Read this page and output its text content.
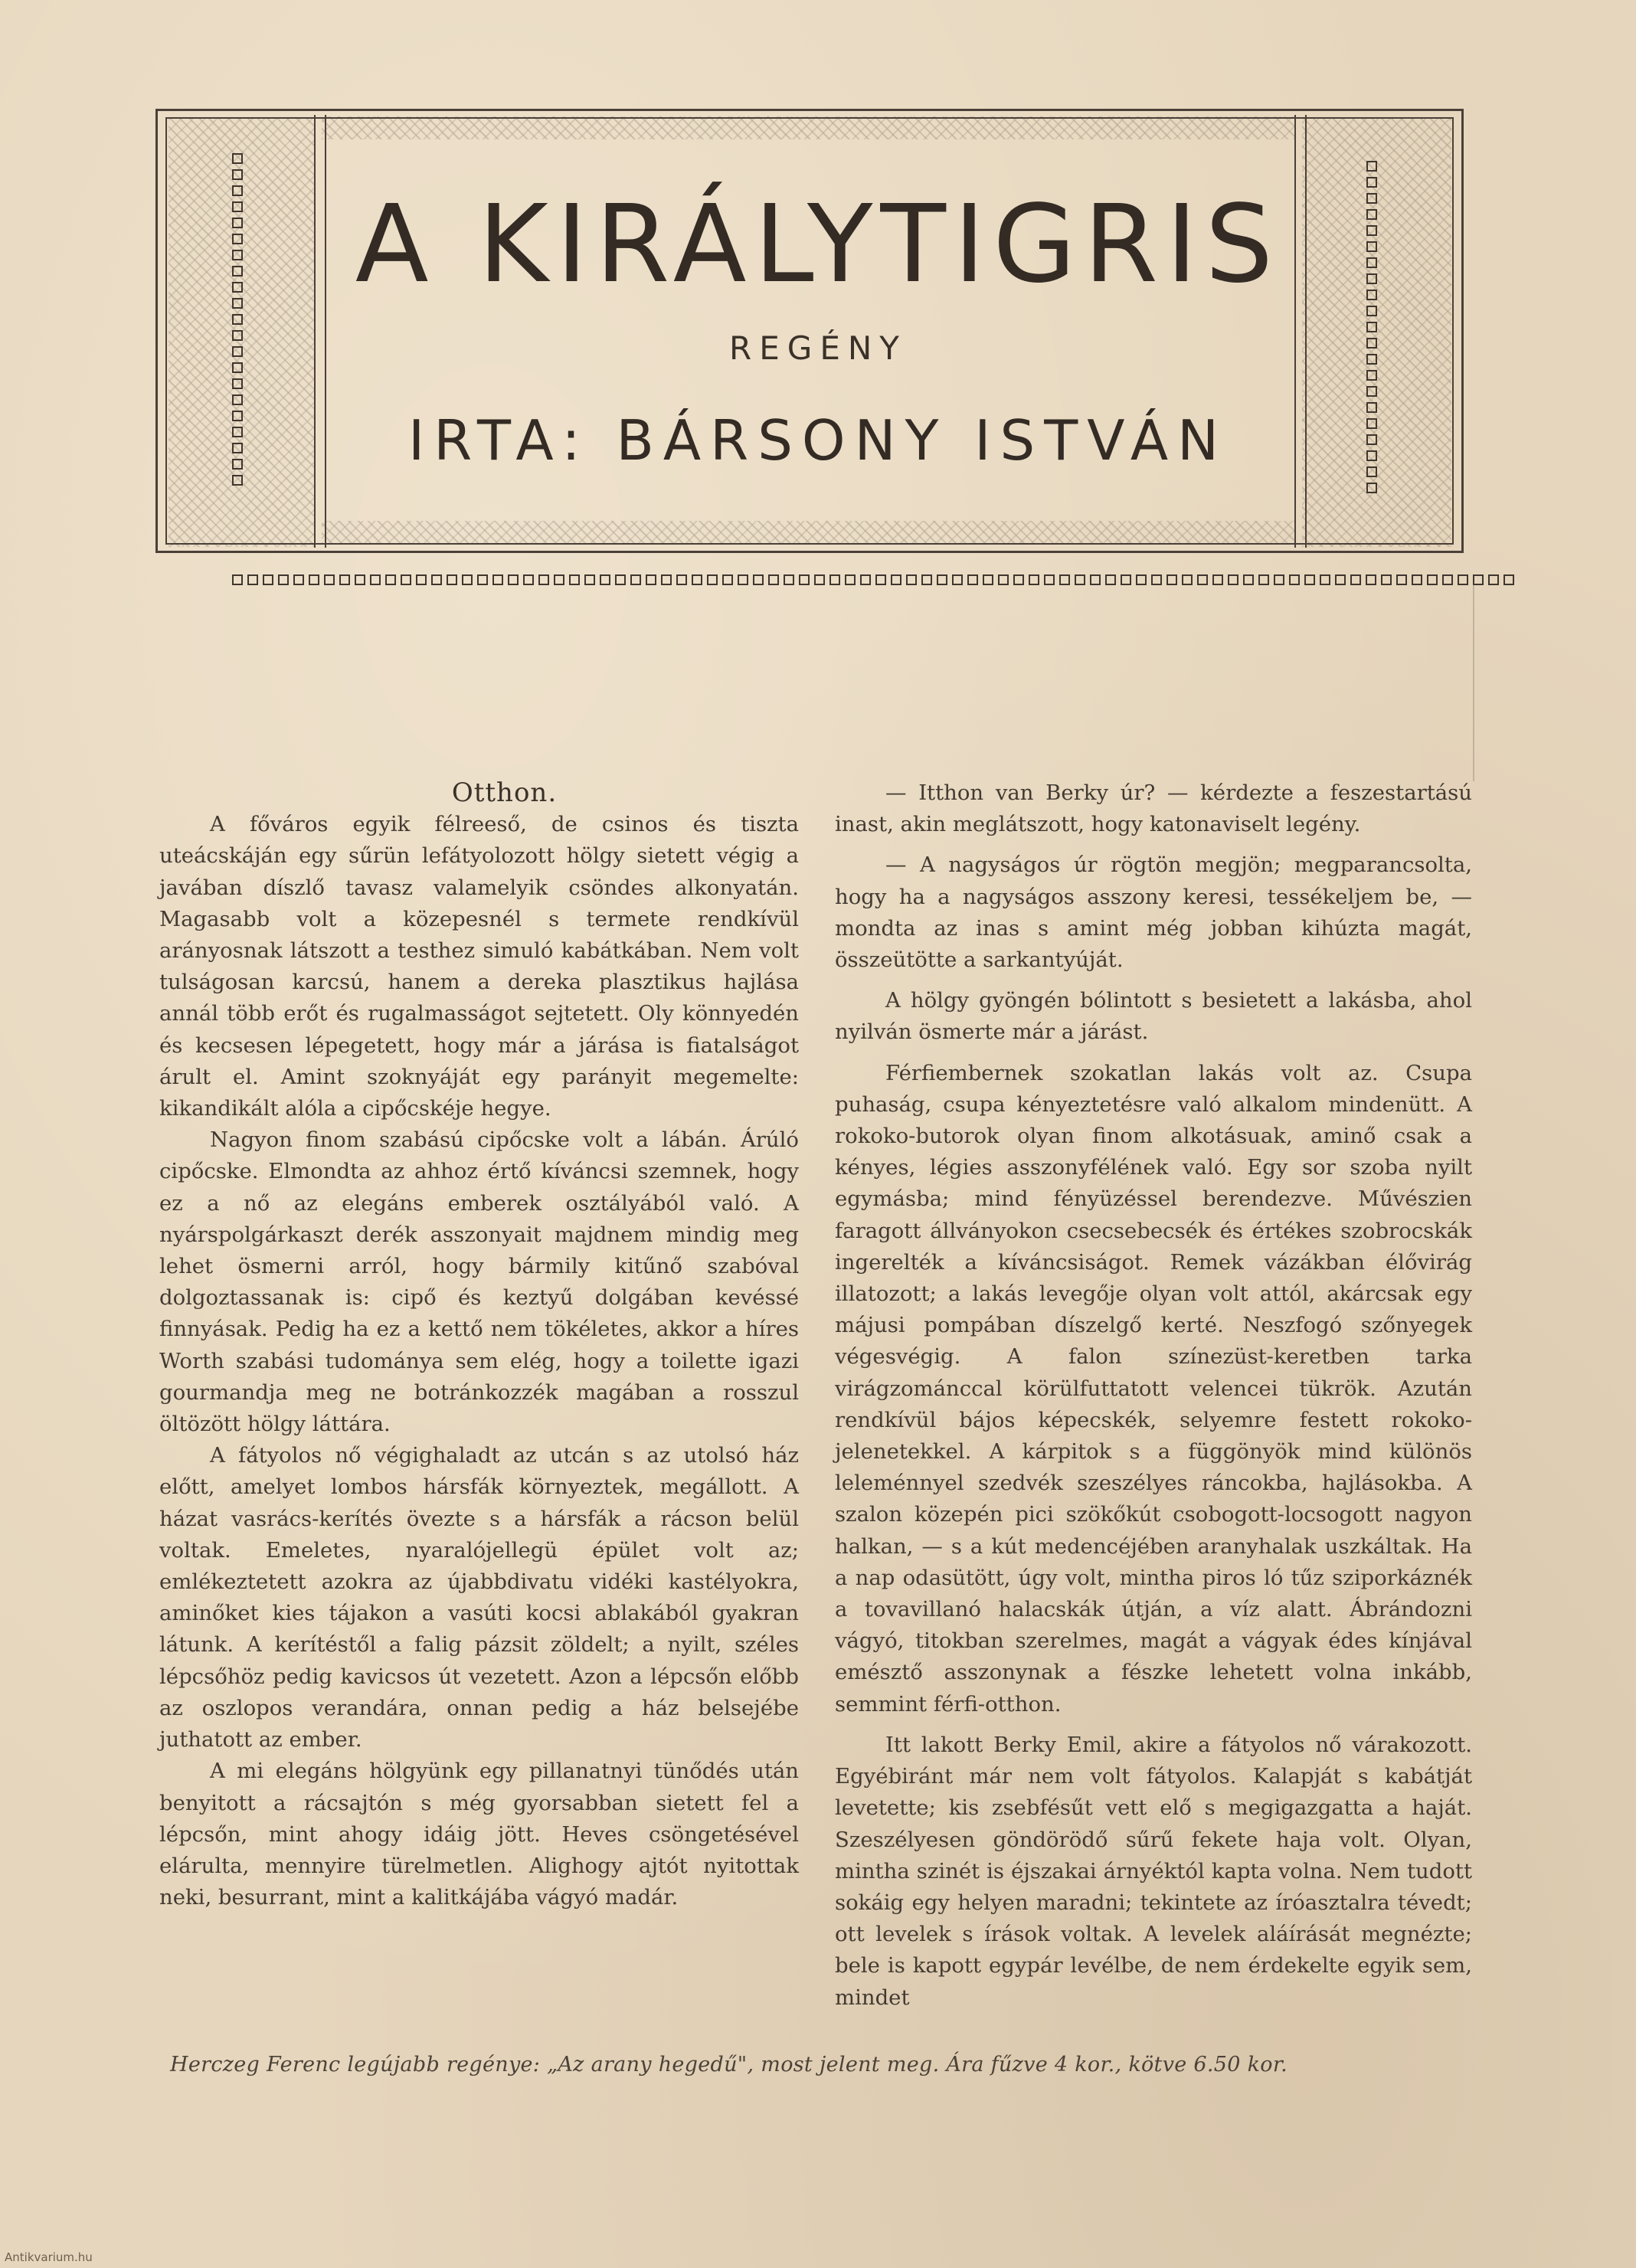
A KIRÁLYTIGRIS
REGÉNY
IRTA: BÁRSONY ISTVÁN

Otthon.

A főváros egyik félreeső, de csinos és tiszta uteácskáján egy sűrün lefátyolozott hölgy sietett végig a javában díszlő tavasz valamelyik csöndes alkonyatán. Magasabb volt a közepesnél s termete rendkívül arányosnak látszott a testhez simuló kabátkában. Nem volt tulságosan karcsú, hanem a dereka plasztikus hajlása annál több erőt és rugalmasságot sejtetett. Oly könnyedén és kecsesen lépegetett, hogy már a járása is fiatalságot árult el. Amint szoknyáját egy parányit megemelte: kikandikált alóla a cipőcskéje hegye.

Nagyon finom szabású cipőcske volt a lábán. Árúló cipőcske. Elmondta az ahhoz értő kíváncsi szemnek, hogy ez a nő az elegáns emberek osztályából való. A nyárspolgárkaszt derék asszonyait majdnem mindig meg lehet ösmerni arról, hogy bármily kitűnő szabóval dolgoztassanak is: cipő és keztyű dolgában kevéssé finnyásak. Pedig ha ez a kettő nem tökéletes, akkor a híres Worth szabási tudománya sem elég, hogy a toilette igazi gourmandja meg ne botránkozzék magában a rosszul öltözött hölgy láttára.

A fátyolos nő végighaladt az utcán s az utolsó ház előtt, amelyet lombos hársfák környeztek, megállott. A házat vasrács-kerítés övezte s a hársfák a rácson belül voltak. Emeletes, nyaralójellegü épület volt az; emlékeztetett azokra az újabbdivatu vidéki kastélyokra, aminőket kies tájakon a vasúti kocsi ablakából gyakran látunk. A kerítéstől a falig pázsit zöldelt; a nyilt, széles lépcsőhöz pedig kavicsos út vezetett. Azon a lépcsőn előbb az oszlopos verandára, onnan pedig a ház belsejébe juthatott az ember.

A mi elegáns hölgyünk egy pillanatnyi tünődés után benyitott a rácsajtón s még gyorsabban sietett fel a lépcsőn, mint ahogy idáig jött. Heves csöngetésével elárulta, mennyire türelmetlen. Alighogy ajtót nyitottak neki, besurrant, mint a kalitkájába vágyó madár.

— Itthon van Berky úr? — kérdezte a feszestartású inast, akin meglátszott, hogy katonaviselt legény.

— A nagyságos úr rögtön megjön; megparancsolta, hogy ha a nagyságos asszony keresi, tessékeljem be, — mondta az inas s amint még jobban kihúzta magát, összeütötte a sarkantyúját.

A hölgy gyöngén bólintott s besietett a lakásba, ahol nyilván ösmerte már a járást.

Férfiembernek szokatlan lakás volt az. Csupa puhaság, csupa kényeztetésre való alkalom mindenütt. A rokoko-butorok olyan finom alkotásuak, aminő csak a kényes, légies asszonyfélének való. Egy sor szoba nyilt egymásba; mind fényüzéssel berendezve. Művészien faragott állványokon csecsebecsék és értékes szobrocskák ingerelték a kíváncsiságot. Remek vázákban élővirág illatozott; a lakás levegője olyan volt attól, akárcsak egy májusi pompában díszelgő kerté. Neszfogó szőnyegek végesvégig. A falon színezüst-keretben tarka virágzománccal körülfuttatott velencei tükrök. Azután rendkívül bájos képecskék, selyemre festett rokoko-jelenetekkel. A kárpitok s a függönyök mind különös leleménnyel szedvék szeszélyes ráncokba, hajlásokba. A szalon közepén pici szökőkút csobogott-locsogott nagyon halkan, — s a kút medencéjében aranyhalak uszkáltak. Ha a nap odasütött, úgy volt, mintha piros ló tűz sziporkáznék a tovavillanó halacskák útján, a víz alatt. Ábrándozni vágyó, titokban szerelmes, magát a vágyak édes kínjával emésztő asszonynak a fészke lehetett volna inkább, semmint férfi-otthon.

Itt lakott Berky Emil, akire a fátyolos nő várakozott. Egyébiránt már nem volt fátyolos. Kalapját s kabátját levetette; kis zsebfésűt vett elő s megigazgatta a haját. Szeszélyesen göndörödő sűrű fekete haja volt. Olyan, mintha szinét is éjszakai árnyéktól kapta volna. Nem tudott sokáig egy helyen maradni; tekintete az íróasztalra tévedt; ott levelek s írások voltak. A levelek aláírását megnézte; bele is kapott egypár levélbe, de nem érdekelte egyik sem, mindet

Herczeg Ferenc legújabb regénye: „Az arany hegedű", most jelent meg. Ára fűzve 4 kor., kötve 6.50 kor.
Antikvarium.hu
